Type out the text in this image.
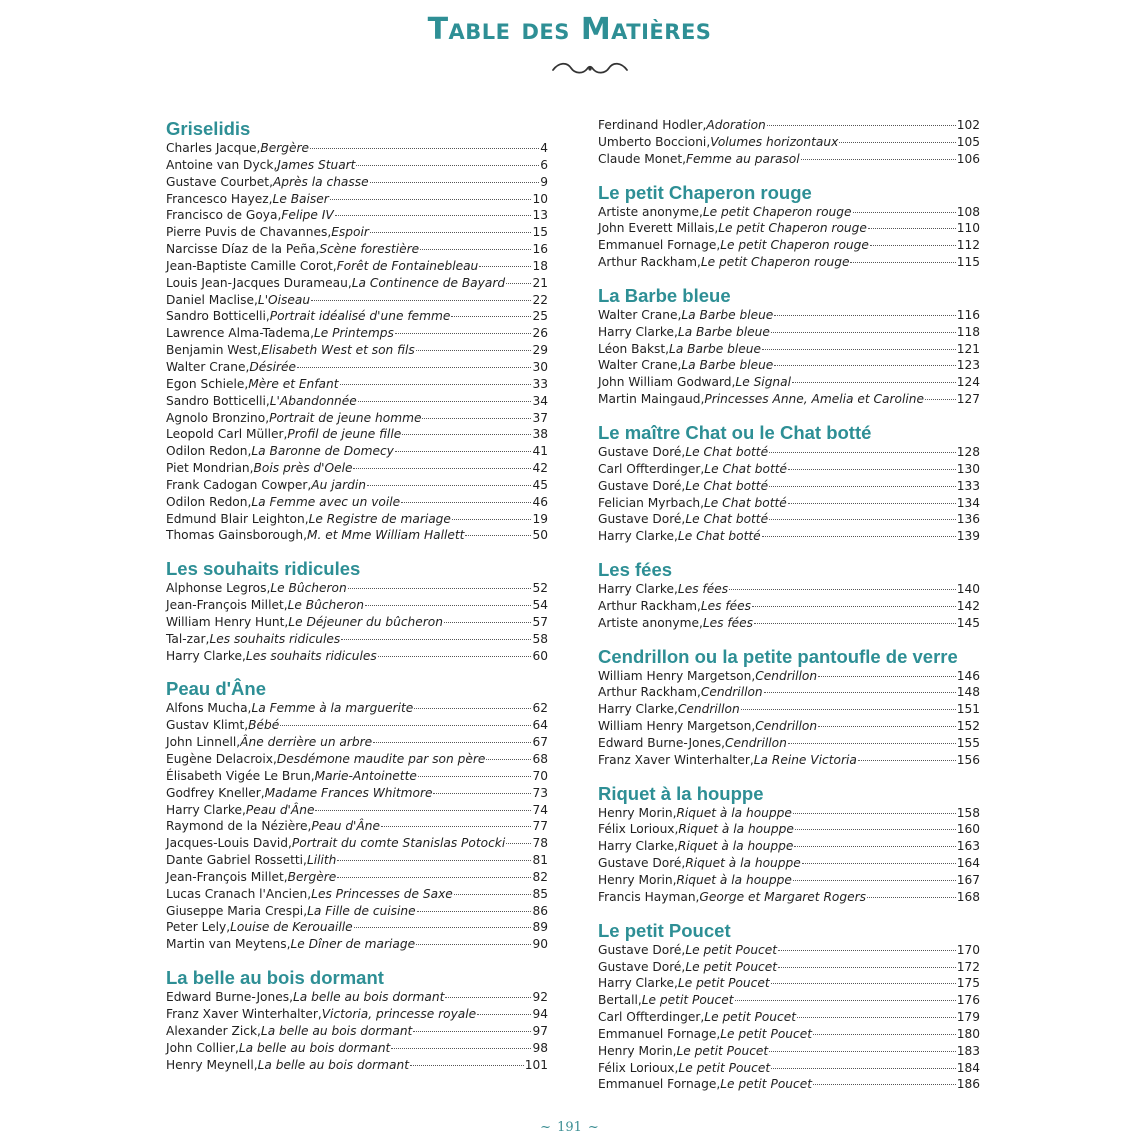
Table des Matières
Griselidis
Charles Jacque, Bergère	4
Antoine van Dyck, James Stuart	6
Gustave Courbet, Après la chasse	9
Francesco Hayez, Le Baiser	10
Francisco de Goya, Felipe IV	13
Pierre Puvis de Chavannes, Espoir	15
Narcisse Díaz de la Peña, Scène forestière	16
Jean-Baptiste Camille Corot, Forêt de Fontainebleau	18
Louis Jean-Jacques Durameau, La Continence de Bayard 21
Daniel Maclise, L'Oiseau	22
Sandro Botticelli, Portrait idéalisé d'une femme	25
Lawrence Alma-Tadema, Le Printemps	26
Benjamin West, Elisabeth West et son fils	29
Walter Crane, Désirée	30
Egon Schiele, Mère et Enfant	33
Sandro Botticelli, L'Abandonnée	34
Agnolo Bronzino, Portrait de jeune homme	37
Leopold Carl Müller, Profil de jeune fille	38
Odilon Redon, La Baronne de Domecy	41
Piet Mondrian, Bois près d'Oele	42
Frank Cadogan Cowper, Au jardin	45
Odilon Redon, La Femme avec un voile	46
Edmund Blair Leighton, Le Registre de mariage	19
Thomas Gainsborough, M. et Mme William Hallett	50
Les souhaits ridicules
Alphonse Legros, Le Bûcheron	52
Jean-François Millet, Le Bûcheron	54
William Henry Hunt, Le Déjeuner du bûcheron	57
Tal-zar, Les souhaits ridicules	58
Harry Clarke, Les souhaits ridicules	60
Peau d'Âne
Alfons Mucha, La Femme à la marguerite	62
Gustav Klimt, Bébé	64
John Linnell, Âne derrière un arbre	67
Eugène Delacroix, Desdémone maudite par son père	68
Élisabeth Vigée Le Brun, Marie-Antoinette	70
Godfrey Kneller, Madame Frances Whitmore	73
Harry Clarke, Peau d'Âne	74
Raymond de la Nézière, Peau d'Âne	77
Jacques-Louis David, Portrait du comte Stanislas Potocki 78
Dante Gabriel Rossetti, Lilith	81
Jean-François Millet, Bergère	82
Lucas Cranach l'Ancien, Les Princesses de Saxe	85
Giuseppe Maria Crespi, La Fille de cuisine	86
Peter Lely, Louise de Kerouaille	89
Martin van Meytens, Le Dîner de mariage	90
La belle au bois dormant
Edward Burne-Jones, La belle au bois dormant	92
Franz Xaver Winterhalter, Victoria, princesse royale	94
Alexander Zick, La belle au bois dormant	97
John Collier, La belle au bois dormant	98
Henry Meynell, La belle au bois dormant	101
Ferdinand Hodler, Adoration	102
Umberto Boccioni, Volumes horizontaux	105
Claude Monet, Femme au parasol	106
Le petit Chaperon rouge
Artiste anonyme, Le petit Chaperon rouge	108
John Everett Millais, Le petit Chaperon rouge	110
Emmanuel Fornage, Le petit Chaperon rouge	112
Arthur Rackham, Le petit Chaperon rouge	115
La Barbe bleue
Walter Crane, La Barbe bleue	116
Harry Clarke, La Barbe bleue	118
Léon Bakst, La Barbe bleue	121
Walter Crane, La Barbe bleue	123
John William Godward, Le Signal	124
Martin Maingaud, Princesses Anne, Amelia et Caroline	127
Le maître Chat ou le Chat botté
Gustave Doré, Le Chat botté	128
Carl Offterdinger, Le Chat botté	130
Gustave Doré, Le Chat botté	133
Felician Myrbach, Le Chat botté	134
Gustave Doré, Le Chat botté	136
Harry Clarke, Le Chat botté	139
Les fées
Harry Clarke, Les fées	140
Arthur Rackham, Les fées	142
Artiste anonyme, Les fées	145
Cendrillon ou la petite pantoufle de verre
William Henry Margetson, Cendrillon	146
Arthur Rackham, Cendrillon	148
Harry Clarke, Cendrillon	151
William Henry Margetson, Cendrillon	152
Edward Burne-Jones, Cendrillon	155
Franz Xaver Winterhalter, La Reine Victoria	156
Riquet à la houppe
Henry Morin, Riquet à la houppe	158
Félix Lorioux, Riquet à la houppe	160
Harry Clarke, Riquet à la houppe	163
Gustave Doré, Riquet à la houppe	164
Henry Morin, Riquet à la houppe	167
Francis Hayman, George et Margaret Rogers	168
Le petit Poucet
Gustave Doré, Le petit Poucet	170
Gustave Doré, Le petit Poucet	172
Harry Clarke, Le petit Poucet	175
Bertall, Le petit Poucet	176
Carl Offterdinger, Le petit Poucet	179
Emmanuel Fornage, Le petit Poucet	180
Henry Morin, Le petit Poucet	183
Félix Lorioux, Le petit Poucet	184
Emmanuel Fornage, Le petit Poucet	186
~ 191 ~
